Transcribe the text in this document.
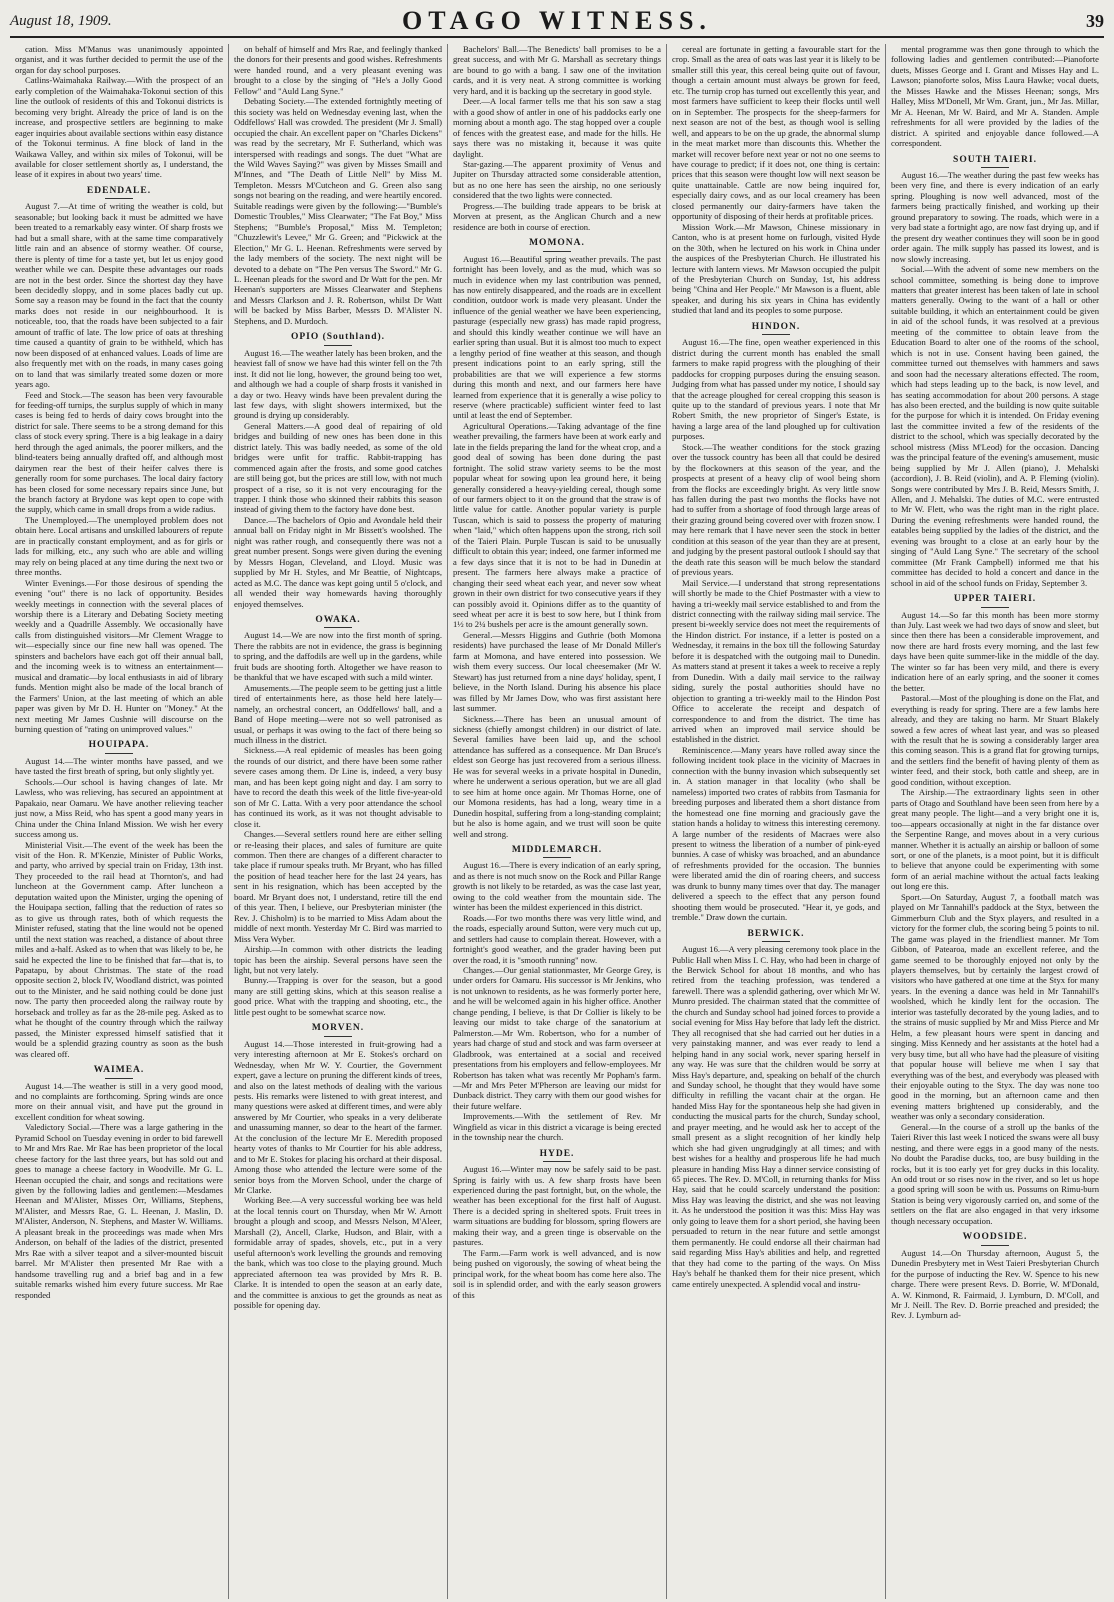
August 18, 1909.	OTAGO WITNESS.	39

cation. Miss M'Manus was unanimously appointed organist, and it was further decided to permit the use of the organ for day school purposes.

Catlins-Waimahaka Railway.—With the prospect of an early completion of the Waimahaka-Tokonui section of this line the outlook of residents of this and Tokonui districts is becoming very bright. Already the price of land is on the increase, and prospective settlers are beginning to make eager inquiries about available sections within easy distance of the Tokonui terminus. A fine block of land in the Waikawa Valley, and within six miles of Tokonui, will be available for closer settlement shortly as, I understand, the lease of it expires in about two years' time.

EDENDALE.

August 7.—At time of writing the weather is cold, but seasonable; but looking back it must be admitted we have been treated to a remarkably easy winter. Of sharp frosts we had but a small share, with at the same time comparatively little rain and an absence of stormy weather. Of course, there is plenty of time for a taste yet, but let us enjoy good weather while we can. Despite these advantages our roads are not in the best order. Since the shortest day they have been decidedly sloppy, and in some places badly cut up. Some say a reason may be found in the fact that the county marks does not reside in our neighbourhood. It is noticeable, too, that the roads have been subjected to a fair amount of traffic of late. The low price of oats at threshing time caused a quantity of grain to be withheld, which has now been disposed of at enhanced values. Loads of lime are also frequently met with on the roads, in many cases going on to land that was similarly treated some dozen or more years ago.

Feed and Stock.—The season has been very favourable for feeding-off turnips, the surplus supply of which in many cases is being fed to herds of dairy cows brought into the district for sale. There seems to be a strong demand for this class of stock every spring. There is a big leakage in a dairy herd through the aged animals, the poorer milkers, and the blind-teaters being annually drafted off, and although most dairymen rear the best of their heifer calves there is generally room for some purchases. The local dairy factory has been closed for some necessary repairs since June, but the branch factory at Brydone was kept open to cope with the supply, which came in small drops from a wide radius.

The Unemployed.—The unemployed problem does not obtain here. Local artisans and unskilled labourers of repute are in practically constant employment, and as for girls or lads for milking, etc., any such who are able and willing may rely on being placed at any time during the next two or three months.

Winter Evenings.—For those desirous of spending the evening "out" there is no lack of opportunity. Besides weekly meetings in connection with the several places of worship there is a Literary and Debating Society meeting weekly and a Quadrille Assembly. We occasionally have calls from distinguished visitors—Mr Clement Wragge to wit—especially since our fine new hall was opened. The spinsters and bachelors have each got off their annual ball, and the incoming week is to witness an entertainment—musical and dramatic—by local enthusiasts in aid of library funds. Mention might also be made of the local branch of the Farmers' Union, at the last meeting of which an able paper was given by Mr D. H. Hunter on "Money." At the next meeting Mr James Cushnie will discourse on the burning question of "rating on unimproved values."

HOUIPAPA.

August 14.—The winter months have passed, and we have tasted the first breath of spring, but only slightly yet.

Schools.—Our school is having changes of late. Mr Lawless, who was relieving, has secured an appointment at Papakaio, near Oamaru. We have another relieving teacher just now, a Miss Reid, who has spent a good many years in China under the China Inland Mission. We wish her every success among us.

Ministerial Visit.—The event of the week has been the visit of the Hon. R. M'Kenzie, Minister of Public Works, and party, who arrived by special train on Friday, 13th inst. They proceeded to the rail head at Thornton's, and had luncheon at the Government camp. After luncheon a deputation waited upon the Minister, urging the opening of the Houipapa section, falling that the reduction of rates so as to give us through rates, both of which requests the Minister refused, stating that the line would not be opened until the next station was reached, a distance of about three miles and a-half. Asked as to when that was likely to be, he said he expected the line to be finished that far—that is, to Papatapu, by about Christmas. The state of the road opposite section 2, block IV, Woodland district, was pointed out to the Minister, and he said nothing could be done just now. The party then proceeded along the railway route by horseback and trolley as far as the 28-mile peg. Asked as to what he thought of the country through which the railway passed, the Minister expressed himself satisfied that it would be a splendid grazing country as soon as the bush was cleared off.

WAIMEA.

August 14.—The weather is still in a very good mood, and no complaints are forthcoming. Spring winds are once more on their annual visit, and have put the ground in excellent condition for wheat sowing.

Valedictory Social.—There was a large gathering in the Pyramid School on Tuesday evening in order to bid farewell to Mr and Mrs Rae. Mr Rae has been proprietor of the local cheese factory for the last three years, but has sold out and goes to manage a cheese factory in Woodville. Mr G. L. Heenan occupied the chair, and songs and recitations were given by the following ladies and gentlemen:—Mesdames Heenan and M'Alister, Misses Orr, Williams, Stephens, M'Alister, and Messrs Rae, G. L. Heenan, J. Maslin, D. M'Alister, Anderson, N. Stephens, and Master W. Williams. A pleasant break in the proceedings was made when Mrs Anderson, on behalf of the ladies of the district, presented Mrs Rae with a silver teapot and a silver-mounted biscuit barrel. Mr M'Alister then presented Mr Rae with a handsome travelling rug and a brief bag and in a few suitable remarks wished him every future success. Mr Rae responded

on behalf of himself and Mrs Rae, and feelingly thanked the donors for their presents and good wishes. Refreshments were handed round, and a very pleasant evening was brought to a close by the singing of "He's a Jolly Good Fellow" and "Auld Lang Syne."

Debating Society.—The extended fortnightly meeting of this society was held on Wednesday evening last, when the Oddfellows' Hall was crowded. The president (Mr J. Small) occupied the chair. An excellent paper on "Charles Dickens" was read by the secretary, Mr F. Sutherland, which was interspersed with readings and songs. The duet "What are the Wild Waves Saying?" was given by Misses Smaill and M'Innes, and "The Death of Little Nell" by Miss M. Templeton. Messrs M'Cutcheon and G. Green also sang songs not bearing on the reading, and were heartily encored. Suitable readings were given by the following:—"Bumble's Domestic Troubles," Miss Clearwater; "The Fat Boy," Miss Stephens; "Bumble's Proposal," Miss M. Templeton; "Chuzzlewit's Levee," Mr G. Green; and "Pickwick at the Election," Mr G. L. Heenan. Refreshments were served by the lady members of the society. The next night will be devoted to a debate on "The Pen versus The Sword." Mr G. L. Heenan pleads for the sword and Dr Watt for the pen. Mr Heenan's supporters are Misses Clearwater and Stephens and Messrs Clarkson and J. R. Robertson, whilst Dr Watt will be backed by Miss Barber, Messrs D. M'Alister N. Stephens, and D. Murdoch.

OPIO (Southland).

August 16.—The weather lately has been broken, and the heaviest fall of snow we have had this winter fell on the 7th inst. It did not lie long, however, the ground being too wet, and although we had a couple of sharp frosts it vanished in a day or two. Heavy winds have been prevalent during the last few days, with slight showers intermixed, but the ground is drying up considerably.

General Matters.—A good deal of repairing of old bridges and building of new ones has been done in this district lately. This was badly needed, as some of the old bridges were unfit for traffic. Rabbit-trapping has commenced again after the frosts, and some good catches are still being got, but the prices are still low, with not much prospect of a rise, so it is not very encouraging for the trapper. I think those who skinned their rabbits this season instead of giving them to the factory have done best.

Dance.—The bachelors of Opio and Avondale held their annual ball on Friday night in Mr Bissett's woolshed. The night was rather rough, and consequently there was not a great number present. Songs were given during the evening by Messrs Hogan, Cleveland, and Lloyd. Music was supplied by Mr H. Styles, and Mr Beattie, of Nightcaps, acted as M.C. The dance was kept going until 5 o'clock, and all wended their way homewards having thoroughly enjoyed themselves.

OWAKA.

August 14.—We are now into the first month of spring. There the rabbits are not in evidence, the grass is beginning to spring, and the daffodils are well up in the gardens, while fruit buds are shooting forth. Altogether we have reason to be thankful that we have escaped with such a mild winter.

Amusements.—The people seem to be getting just a little tired of entertainments here, as those held here lately—namely, an orchestral concert, an Oddfellows' ball, and a Band of Hope meeting—were not so well patronised as usual, or perhaps it was owing to the fact of there being so much illness in the district.

Sickness.—A real epidemic of measles has been going the rounds of our district, and there have been some rather severe cases among them. Dr Line is, indeed, a very busy man, and has been kept going night and day. I am sorry to have to record the death this week of the little five-year-old son of Mr C. Latta. With a very poor attendance the school has continued its work, as it was not thought advisable to close it.

Changes.—Several settlers round here are either selling or re-leasing their places, and sales of furniture are quite common. Then there are changes of a different character to take place if rumour speaks truth. Mr Bryant, who has filled the position of head teacher here for the last 24 years, has sent in his resignation, which has been accepted by the board. Mr Bryant does not, I understand, retire till the end of this year. Then, I believe, our Presbyterian minister (the Rev. J. Chisholm) is to be married to Miss Adam about the middle of next month. Yesterday Mr C. Bird was married to Miss Vera Wyber.

Airship.—In common with other districts the leading topic has been the airship. Several persons have seen the light, but not very lately.

Bunny.—Trapping is over for the season, but a good many are still getting skins, which at this season realise a good price. What with the trapping and shooting, etc., the little pest ought to be somewhat scarce now.

MORVEN.

August 14.—Those interested in fruit-growing had a very interesting afternoon at Mr E. Stokes's orchard on Wednesday, when Mr W. Y. Courtier, the Government expert, gave a lecture on pruning the different kinds of trees, and also on the latest methods of dealing with the various pests. His remarks were listened to with great interest, and many questions were asked at different times, and were ably answered by Mr Courtier, who speaks in a very deliberate and unassuming manner, so dear to the heart of the farmer. At the conclusion of the lecture Mr E. Meredith proposed hearty votes of thanks to Mr Courtier for his able address, and to Mr E. Stokes for placing his orchard at their disposal. Among those who attended the lecture were some of the senior boys from the Morven School, under the charge of Mr Clarke.

Working Bee.—A very successful working bee was held at the local tennis court on Thursday, when Mr W. Arnott brought a plough and scoop, and Messrs Nelson, M'Aleer, Marshall (2), Ancell, Clarke, Hudson, and Blair, with a formidable array of spades, shovels, etc., put in a very useful afternoon's work levelling the grounds and removing the bank, which was too close to the playing ground. Much appreciated afternoon tea was provided by Mrs R. B. Clarke. It is intended to open the season at an early date, and the committee is anxious to get the grounds as neat as possible for opening day.

Bachelors' Ball.—The Benedicts' ball promises to be a great success, and with Mr G. Marshall as secretary things are bound to go with a bang. I saw one of the invitation cards, and it is very neat. A strong committee is working very hard, and it is backing up the secretary in good style.

Deer.—A local farmer tells me that his son saw a stag with a good show of antler in one of his paddocks early one morning about a month ago. The stag hopped over a couple of fences with the greatest ease, and made for the hills. He says there was no mistaking it, because it was quite daylight.

Star-gazing.—The apparent proximity of Venus and Jupiter on Thursday attracted some considerable attention, but as no one here has seen the airship, no one seriously considered that the two lights were connected.

Progress.—The building trade appears to be brisk at Morven at present, as the Anglican Church and a new residence are both in course of erection.

MOMONA.

August 16.—Beautiful spring weather prevails. The past fortnight has been lovely, and as the mud, which was so much in evidence when my last contribution was penned, has now entirely disappeared, and the roads are in excellent condition, outdoor work is made very pleasant. Under the influence of the genial weather we have been experiencing, pasturage (especially new grass) has made rapid progress, and should this kindly weather continue we will have an earlier spring than usual. But it is almost too much to expect a lengthy period of fine weather at this season, and though present indications point to an early spring, still the probabilities are that we will experience a few storms during this month and next, and our farmers here have learned from experience that it is generally a wise policy to reserve (where practicable) sufficient winter feed to last until at least the end of September.

Agricultural Operations.—Taking advantage of the fine weather prevailing, the farmers have been at work early and late in the fields preparing the land for the wheat crop, and a good deal of sowing has been done during the past fortnight. The solid straw variety seems to be the most popular wheat for sowing upon lea ground here, it being generally considered a heavy-yielding cereal, though some of our farmers object to it on the ground that the straw is of little value for cattle. Another popular variety is purple Tuscan, which is said to possess the property of maturing when "laid," which often happens upon the strong, rich soil of the Taieri Plain. Purple Tuscan is said to be unusually difficult to obtain this year; indeed, one farmer informed me a few days since that it is not to be had in Dunedin at present. The farmers here always make a practice of changing their seed wheat each year, and never sow wheat grown in their own district for two consecutive years if they can possibly avoid it. Opinions differ as to the quantity of seed wheat per acre it is best to sow here, but I think from 1½ to 2¼ bushels per acre is the amount generally sown.

General.—Messrs Higgins and Guthrie (both Momona residents) have purchased the lease of Mr Donald Miller's farm at Momona, and have entered into possession. We wish them every success. Our local cheesemaker (Mr W. Stewart) has just returned from a nine days' holiday, spent, I believe, in the North Island. During his absence his place was filled by Mr James Dow, who was first assistant here last summer.

Sickness.—There has been an unusual amount of sickness (chiefly amongst children) in our district of late. Several families have been laid up, and the school attendance has suffered as a consequence. Mr Dan Bruce's eldest son George has just recovered from a serious illness. He was for several weeks in a private hospital in Dunedin, where he underwent a serious operation, but we are all glad to see him at home once again. Mr Thomas Horne, one of our Momona residents, has had a long, weary time in a Dunedin hospital, suffering from a long-standing complaint; but he also is home again, and we trust will soon be quite well and strong.

MIDDLEMARCH.

August 16.—There is every indication of an early spring, and as there is not much snow on the Rock and Pillar Range growth is not likely to be retarded, as was the case last year, owing to the cold weather from the mountain side. The winter has been the mildest experienced in this district.

Roads.—For two months there was very little wind, and the roads, especially around Sutton, were very much cut up, and settlers had cause to complain thereat. However, with a fortnight's good weather, and the grader having been put over the road, it is "smooth running" now.

Changes.—Our genial stationmaster, Mr George Grey, is under orders for Oamaru. His successor is Mr Jenkins, who is not unknown to residents, as he was formerly porter here, and he will be welcomed again in his higher office. Another change pending, I believe, is that Dr Collier is likely to be leaving our midst to take charge of the sanatorium at Palmerston.—Mr Wm. Robertson, who for a number of years had charge of stud and stock and was farm overseer at Gladbrook, was entertained at a social and received presentations from his employers and fellow-employees. Mr Robertson has taken what was recently Mr Popham's farm.—Mr and Mrs Peter M'Pherson are leaving our midst for Dunback district. They carry with them our good wishes for their future welfare.

Improvements.—With the settlement of Rev. Mr Wingfield as vicar in this district a vicarage is being erected in the township near the church.

HYDE.

August 16.—Winter may now be safely said to be past. Spring is fairly with us. A few sharp frosts have been experienced during the past fortnight, but, on the whole, the weather has been exceptional for the first half of August. There is a decided spring in sheltered spots. Fruit trees in warm situations are budding for blossom, spring flowers are making their way, and a green tinge is observable on the pastures.

The Farm.—Farm work is well advanced, and is now being pushed on vigorously, the sowing of wheat being the principal work, for the wheat boom has come here also. The soil is in splendid order, and with the early season growers of this

cereal are fortunate in getting a favourable start for the crop. Small as the area of oats was last year it is likely to be smaller still this year, this cereal being quite out of favour, though a certain amount must always be grown for feed, etc. The turnip crop has turned out excellently this year, and most farmers have sufficient to keep their flocks until well on in September. The prospects for the sheep-farmers for next season are not of the best, as though wool is selling well, and appears to be on the up grade, the abnormal slump in the meat market more than discounts this. Whether the market will recover before next year or not no one seems to have courage to predict; if it does not, one thing is certain: prices that this season were thought low will next season be quite unattainable. Cattle are now being inquired for, especially dairy cows, and as our local creamery has been closed permanently our dairy-farmers have taken the opportunity of disposing of their herds at profitable prices.

Mission Work.—Mr Mawson, Chinese missionary in Canton, who is at present home on furlough, visited Hyde on the 30th, when he lectured on his work in China under the auspices of the Presbyterian Church. He illustrated his lecture with lantern views. Mr Mawson occupied the pulpit of the Presbyterian Church on Sunday, 1st, his address being "China and Her People." Mr Mawson is a fluent, able speaker, and during his six years in China has evidently studied that land and its peoples to some purpose.

HINDON.

August 16.—The fine, open weather experienced in this district during the current month has enabled the small farmers to make rapid progress with the ploughing of their paddocks for cropping purposes during the ensuing season. Judging from what has passed under my notice, I should say that the acreage ploughed for cereal cropping this season is quite up to the standard of previous years. I note that Mr Robert Smith, the new proprietor of Singer's Estate, is having a large area of the land ploughed up for cultivation purposes.

Stock.—The weather conditions for the stock grazing over the tussock country has been all that could be desired by the flockowners at this season of the year, and the prospects at present of a heavy clip of wool being shorn from the flocks are exceedingly bright. As very little snow has fallen during the past two months the flocks have not had to suffer from a shortage of food through large areas of their grazing ground being covered over with frozen snow. I may here remark that I have never seen the stock in better condition at this season of the year than they are at present, and judging by the present pastoral outlook I should say that the death rate this season will be much below the standard of previous years.

Mail Service.—I understand that strong representations will shortly be made to the Chief Postmaster with a view to having a tri-weekly mail service established to and from the district connecting with the railway siding mail service. The present bi-weekly service does not meet the requirements of the Hindon district. For instance, if a letter is posted on a Wednesday, it remains in the box till the following Saturday before it is despatched with the outgoing mail to Dunedin. As matters stand at present it takes a week to receive a reply from Dunedin. With a daily mail service to the railway siding, surely the postal authorities should have no objection to granting a tri-weekly mail to the Hindon Post Office to accelerate the receipt and despatch of correspondence to and from the district. The time has arrived when an improved mail service should be established in the district.

Reminiscence.—Many years have rolled away since the following incident took place in the vicinity of Macraes in connection with the bunny invasion which subsequently set in. A station manager in that locality (who shall be nameless) imported two crates of rabbits from Tasmania for breeding purposes and liberated them a short distance from the homestead one fine morning and graciously gave the station hands a holiday to witness this interesting ceremony. A large number of the residents of Macraes were also present to witness the liberation of a number of pink-eyed bunnies. A case of whisky was broached, and an abundance of refreshments provided for the occasion. The bunnies were liberated amid the din of roaring cheers, and success was drunk to bunny many times over that day. The manager delivered a speech to the effect that any person found shooting them would be prosecuted. "Hear it, ye gods, and tremble." Draw down the curtain.

BERWICK.

August 16.—A very pleasing ceremony took place in the Public Hall when Miss I. C. Hay, who had been in charge of the Berwick School for about 18 months, and who has retired from the teaching profession, was tendered a farewell. There was a splendid gathering, over which Mr W. Munro presided. The chairman stated that the committee of the church and Sunday school had joined forces to provide a social evening for Miss Hay before that lady left the district. They all recognised that she had carried out her duties in a very painstaking manner, and was ever ready to lend a helping hand in any social work, never sparing herself in any way. He was sure that the children would be sorry at Miss Hay's departure, and, speaking on behalf of the church and Sunday school, he thought that they would have some difficulty in refilling the vacant chair at the organ. He handed Miss Hay for the spontaneous help she had given in conducting the musical parts for the church, Sunday school, and prayer meeting, and he would ask her to accept of the small present as a slight recognition of her kindly help which she had given ungrudgingly at all times; and with best wishes for a healthy and prosperous life he had much pleasure in handing Miss Hay a dinner service consisting of 65 pieces. The Rev. D. M'Coll, in returning thanks for Miss Hay, said that he could scarcely understand the position: Miss Hay was leaving the district, and she was not leaving it. As he understood the position it was this: Miss Hay was only going to leave them for a short period, she having been persuaded to return in the near future and settle amongst them permanently. He could endorse all their chairman had said regarding Miss Hay's abilities and help, and regretted that they had come to the parting of the ways. On Miss Hay's behalf he thanked them for their nice present, which came entirely unexpected. A splendid vocal and instru-

mental programme was then gone through to which the following ladies and gentlemen contributed:—Pianoforte duets, Misses George and I. Grant and Misses Hay and L. Lawson; pianoforte solos, Miss Laura Hawke; vocal duets, the Misses Hawke and the Misses Heenan; songs, Mrs Halley, Miss M'Donell, Mr Wm. Grant, jun., Mr Jas. Millar, Mr A. Heenan, Mr W. Baird, and Mr A. Standen. Ample refreshments for all were provided by the ladies of the district. A spirited and enjoyable dance followed.—A correspondent.

SOUTH TAIERI.

August 16.—The weather during the past few weeks has been very fine, and there is every indication of an early spring. Ploughing is now well advanced, most of the farmers being practically finished, and working up their ground preparatory to sowing. The roads, which were in a very bad state a fortnight ago, are now fast drying up, and if the present dry weather continues they will soon be in good order again. The milk supply has passed its lowest, and is now slowly increasing.

Social.—With the advent of some new members on the school committee, something is being done to improve matters that greater interest has been taken of late in school matters generally. Owing to the want of a hall or other suitable building, it which an entertainment could be given in aid of the school funds, it was resolved at a previous meeting of the committee to obtain leave from the Education Board to alter one of the rooms of the school, which is not in use. Consent having been gained, the committee turned out themselves with hammers and saws and soon had the necessary alterations effected. The room, which had steps leading up to the back, is now level, and has seating accommodation for about 200 persons. A stage has also been erected, and the building is now quite suitable for the purpose for which it is intended. On Friday evening last the committee invited a few of the residents of the district to the school, which was specially decorated by the school mistress (Miss M'Leod) for the occasion. Dancing was the principal feature of the evening's amusement, music being supplied by Mr J. Allen (piano), J. Mehalski (accordion), J. B. Reid (violin), and A. P. Fleming (violin). Songs were contributed by Mrs J. B. Reid, Messrs Smith, J. Allen, and J. Mehalski. The duties of M.C. were entrusted to Mr W. Flett, who was the right man in the right place. During the evening refreshments were handed round, the eatables being supplied by the ladies of the district, and the evening was brought to a close at an early hour by the singing of "Auld Lang Syne." The secretary of the school committee (Mr Frank Campbell) informed me that his committee has decided to hold a concert and dance in the school in aid of the school funds on Friday, September 3.

UPPER TAIERI.

August 14.—So far this month has been more stormy than July. Last week we had two days of snow and sleet, but since then there has been a considerable improvement, and now there are hard frosts every morning, and the last few days have been quite summer-like in the middle of the day. The winter so far has been very mild, and there is every indication here of an early spring, and the sooner it comes the better.

Pastoral.—Most of the ploughing is done on the Flat, and everything is ready for spring. There are a few lambs here already, and they are taking no harm. Mr Stuart Blakely sowed a few acres of wheat last year, and was so pleased with the result that he is sowing a considerably larger area this coming season. This is a grand flat for growing turnips, and the settlers find the benefit of having plenty of them as winter feed, and their stock, both cattle and sheep, are in good condition, without exception.

The Airship.—The extraordinary lights seen in other parts of Otago and Southland have been seen from here by a great many people. The light—and a very bright one it is, too—appears occasionally at night in the far distance over the Serpentine Range, and moves about in a very curious manner. Whether it is actually an airship or balloon of some sort, or one of the planets, is a moot point, but it is difficult to believe that anyone could be experimenting with some form of an aerial machine without the actual facts leaking out long ere this.

Sport.—On Saturday, August 7, a football match was played on Mr Tannahill's paddock at the Styx, between the Gimmerburn Club and the Styx players, and resulted in a victory for the former club, the scoring being 5 points to nil. The game was played in the friendliest manner. Mr Tom Gibbon, of Patearoa, made an excellent referee, and the game seemed to be thoroughly enjoyed not only by the players themselves, but by certainly the largest crowd of visitors who have gathered at one time at the Styx for many years. In the evening a dance was held in Mr Tannahill's woolshed, which he kindly lent for the occasion. The interior was tastefully decorated by the young ladies, and to the strains of music supplied by Mr and Miss Pierce and Mr Helm, a few pleasant hours were spent in dancing and singing. Miss Kennedy and her assistants at the hotel had a very busy time, but all who have had the pleasure of visiting that popular house will believe me when I say that everything was of the best, and everybody was pleased with their enjoyable outing to the Styx. The day was none too good in the morning, but an afternoon came and then evening matters brightened up considerably, and the weather was only a secondary consideration.

General.—In the course of a stroll up the banks of the Taieri River this last week I noticed the swans were all busy nesting, and there were eggs in a good many of the nests. No doubt the Paradise ducks, too, are busy building in the rocks, but it is too early yet for grey ducks in this locality. An odd trout or so rises now in the river, and so let us hope a good spring will soon be with us. Possums on Rimu-burn Station is being very vigorously carried on, and some of the settlers on the flat are also engaged in that very irksome though necessary occupation.

WOODSIDE.

August 14.—On Thursday afternoon, August 5, the Dunedin Presbytery met in West Taieri Presbyterian Church for the purpose of inducting the Rev. W. Spence to his new charge. There were present Revs. D. Borrie, W. M'Donald, A. W. Kinmond, R. Fairmaid, J. Lymburn, D. M'Coll, and Mr J. Neill. The Rev. D. Borrie preached and presided; the Rev. J. Lymburn ad-
